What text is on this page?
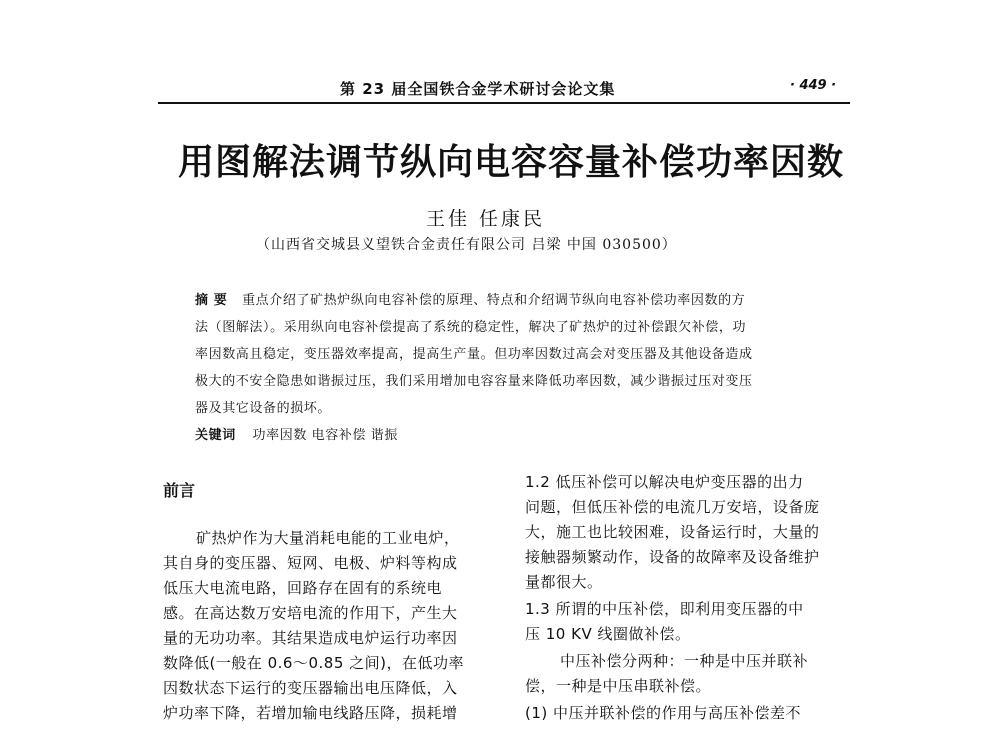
第 23 届全国铁合金学术研讨会论文集	· 449 ·
用图解法调节纵向电容容量补偿功率因数
王佳 任康民
（山西省交城县义望铁合金责任有限公司 吕梁 中国 030500）
摘 要 重点介绍了矿热炉纵向电容补偿的原理、特点和介绍调节纵向电容补偿功率因数的方
法（图解法）。采用纵向电容补偿提高了系统的稳定性，解决了矿热炉的过补偿跟欠补偿，功
率因数高且稳定，变压器效率提高，提高生产量。但功率因数过高会对变压器及其他设备造成
极大的不安全隐患如谐振过压，我们采用增加电容容量来降低功率因数，减少谐振过压对变压
器及其它设备的损坏。
关键词 功率因数 电容补偿 谐振
前言
矿热炉作为大量消耗电能的工业电炉，
其自身的变压器、短网、电极、炉料等构成
低压大电流电路，回路存在固有的系统电
感。在高达数万安培电流的作用下，产生大
量的无功功率。其结果造成电炉运行功率因
数降低(一般在 0.6～0.85 之间)，在低功率
因数状态下运行的变压器输出电压降低，入
炉功率下降，若增加输电线路压降，损耗增
1.2 低压补偿可以解决电炉变压器的出力
问题，但低压补偿的电流几万安培，设备庞
大，施工也比较困难，设备运行时，大量的
接触器频繁动作，设备的故障率及设备维护
量都很大。
1.3 所谓的中压补偿，即利用变压器的中
压 10 KV 线圈做补偿。
中压补偿分两种：一种是中压并联补
偿，一种是中压串联补偿。
(1) 中压并联补偿的作用与高压补偿差不
